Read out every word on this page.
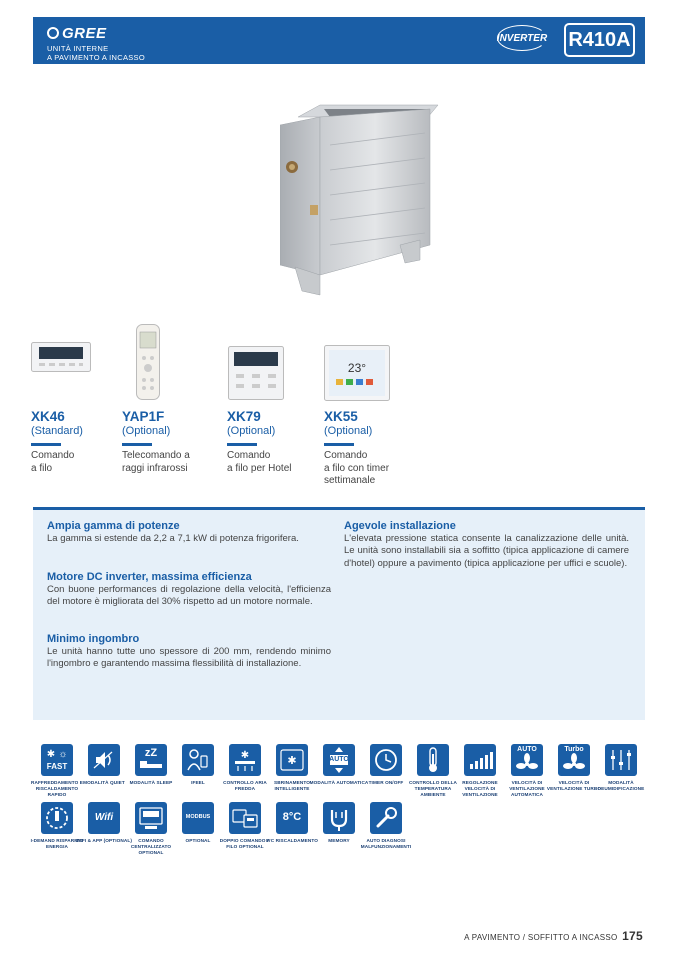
GREE
UNITÀ INTERNE
A PAVIMENTO A INCASSO
INVERTER R410A
23°
XK46
(Standard)
Comando
a filo
YAP1F
(Optional)
Telecomando a
raggi infrarossi
XK79
(Optional)
Comando
a filo per Hotel
XK55
(Optional)
Comando
a filo con timer
settimanale
Ampia gamma di potenze

La gamma si estende da 2,2 a 7,1 kW di potenza frigorifera.

Motore DC inverter, massima efficienza

Con buone performances di regolazione della velocità, l'efficienza del motore è migliorata del 30% rispetto ad un motore normale.

Minimo ingombro

Le unità hanno tutte uno spessore di 200 mm, rendendo minimo l'ingombro e garantendo massima flessibilità di installazione.

Agevole installazione

L'elevata pressione statica consente la canalizzazione delle unità. Le unità sono installabili sia a soffitto (tipica applicazione di camere d'hotel) oppure a pavimento (tipica applicazione per uffici e scuole).

✱ ☼
FAST
RAFFREDDAMENTO E RISCALDAMENTO RAPIDO
MODALITÀ QUIET
zZ
MODALITÀ SLEEP	IFEEL
✱
CONTROLLO ARIA FREDDA
✱
SBRINAMENTO INTELLIGENTE
AUTO
MODALITÀ AUTOMATICA TIMER ON/OFF	CONTROLLO DELLA TEMPERATURA AMBIENTE
REGOLAZIONE VELOCITÀ DI VENTILAZIONE
AUTO
VELOCITÀ DI VENTILAZIONE AUTOMATICA
Turbo
VELOCITÀ DI VENTILAZIONE TURBO
MODALITÀ DEUMIDIFICAZIONE
I-DEMAND RISPARMIO ENERGIA
Wifi
WIFI & APP (OPTIONAL)	COMANDO CENTRALIZZATO OPTIONAL
MODBUS
OPTIONAL	DOPPIO COMANDO A FILO OPTIONAL
8°C
8°C RISCALDAMENTO	MEMORY	AUTO DIAGNOSI MALFUNZIONAMENTI
A PAVIMENTO / SOFFITTO A INCASSO 175
